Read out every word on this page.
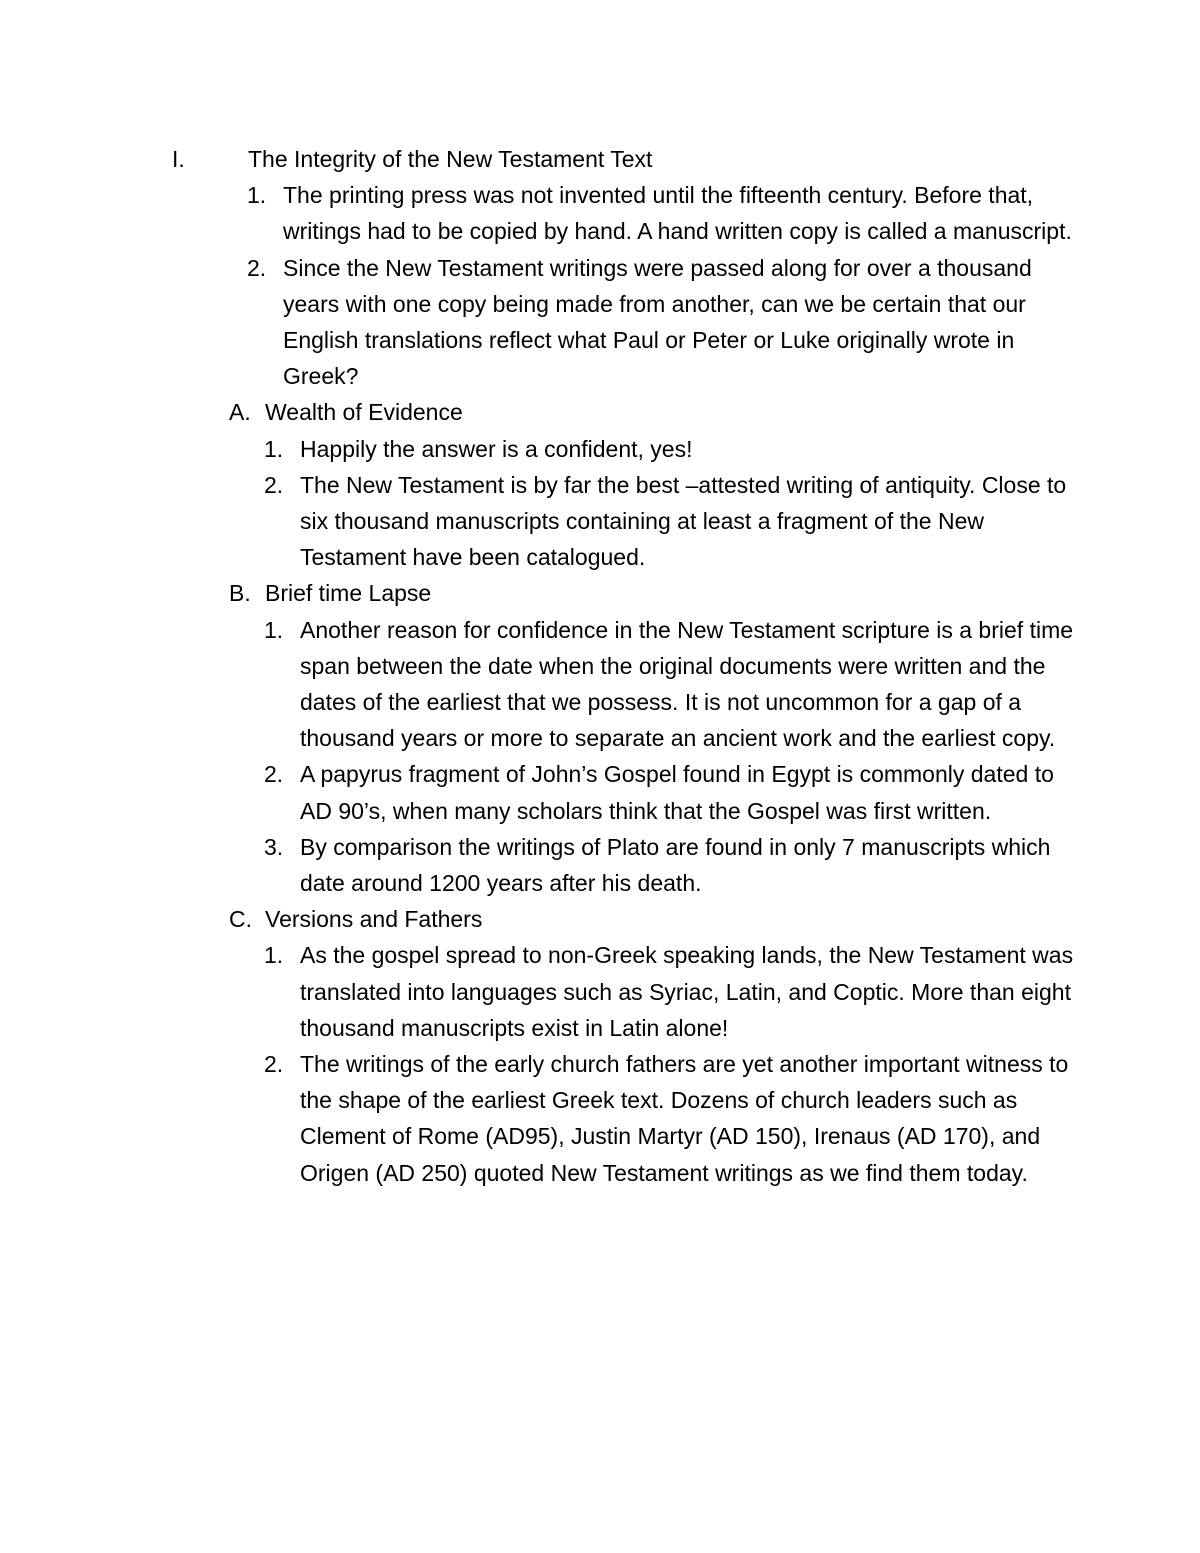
I.	The Integrity of the New Testament Text
1. The printing press was not invented until the fifteenth century. Before that, writings had to be copied by hand. A hand written copy is called a manuscript.
2. Since the New Testament writings were passed along for over a thousand years with one copy being made from another, can we be certain that our English translations reflect what Paul or Peter or Luke originally wrote in Greek?
A. Wealth of Evidence
1. Happily the answer is a confident, yes!
2. The New Testament is by far the best –attested writing of antiquity. Close to six thousand manuscripts containing at least a fragment of the New Testament have been catalogued.
B. Brief time Lapse
1. Another reason for confidence in the New Testament scripture is a brief time span between the date when the original documents were written and the dates of the earliest that we possess. It is not uncommon for a gap of a thousand years or more to separate an ancient work and the earliest copy.
2. A papyrus fragment of John’s Gospel found in Egypt is commonly dated to AD 90’s, when many scholars think that the Gospel was first written.
3. By comparison the writings of Plato are found in only 7 manuscripts which date around 1200 years after his death.
C. Versions and Fathers
1. As the gospel spread to non-Greek speaking lands, the New Testament was translated into languages such as Syriac, Latin, and Coptic. More than eight thousand manuscripts exist in Latin alone!
2. The writings of the early church fathers are yet another important witness to the shape of the earliest Greek text. Dozens of church leaders such as Clement of Rome (AD95), Justin Martyr (AD 150), Irenaus (AD 170), and Origen (AD 250) quoted New Testament writings as we find them today.
